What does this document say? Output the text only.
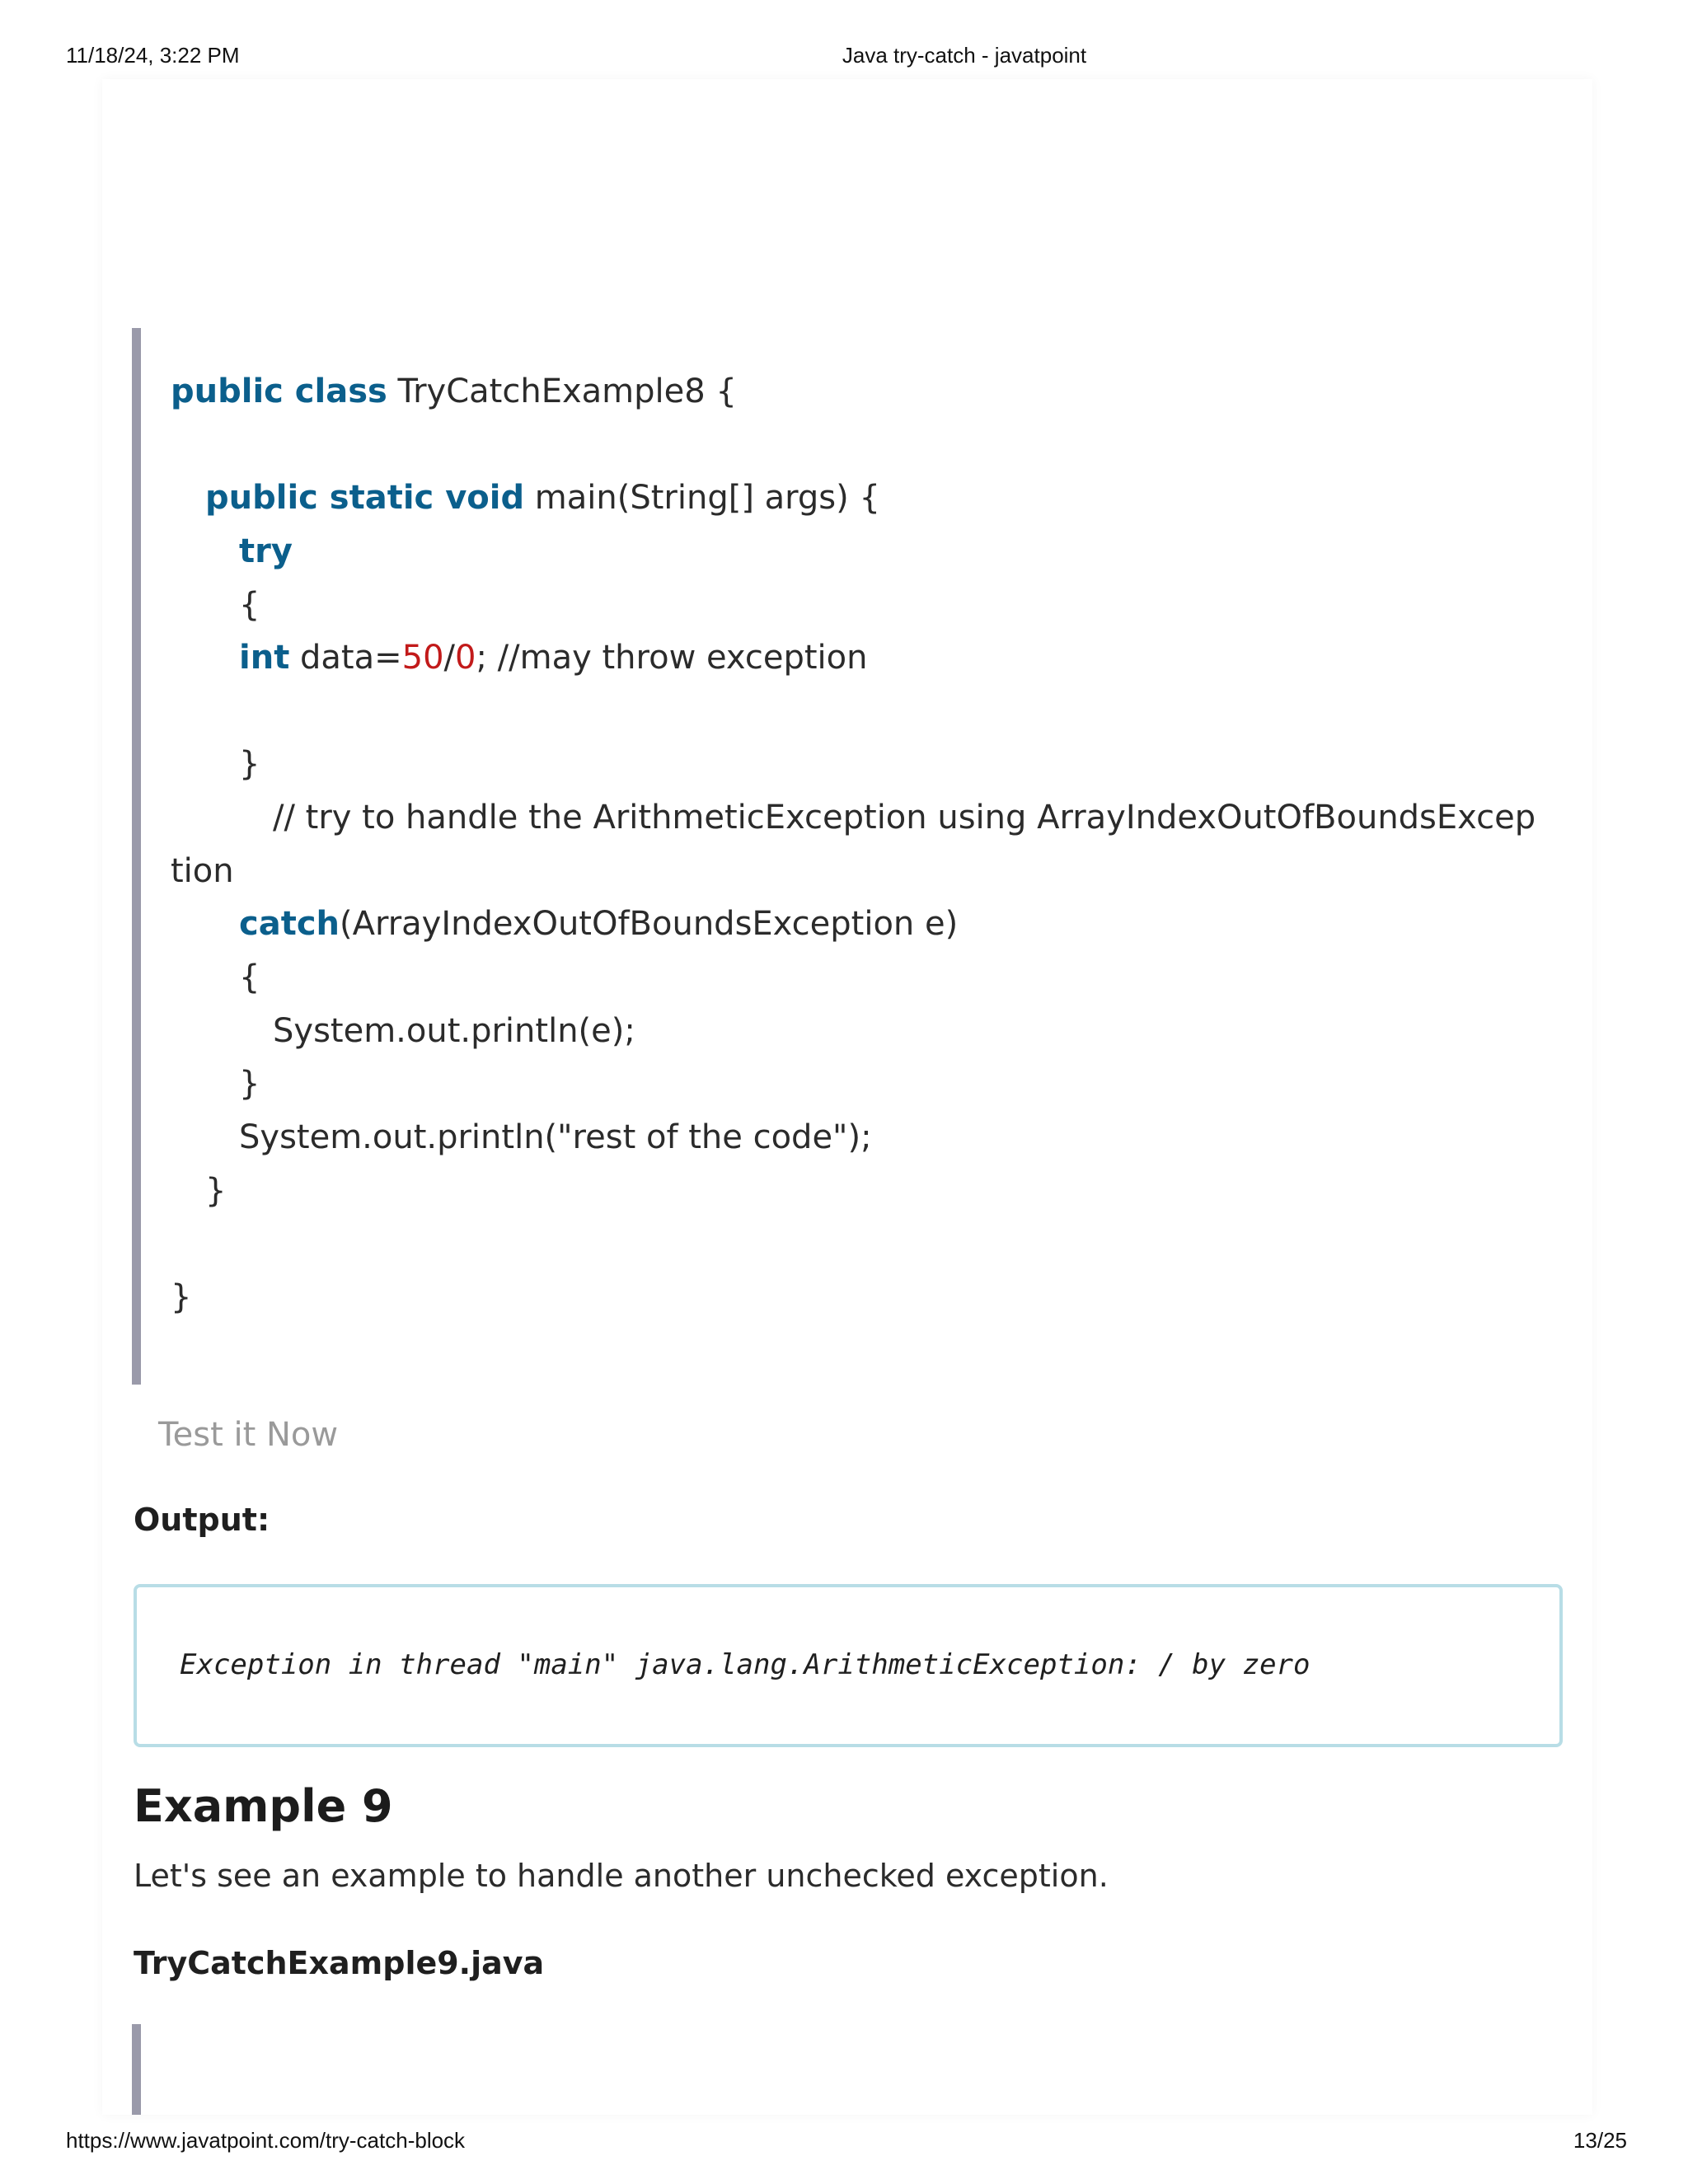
11/18/24, 3:22 PM	Java try-catch - javatpoint
public class TryCatchExample8 {
public static void main(String[] args) {
try
{
int data=50/0; //may throw exception
}
// try to handle the ArithmeticException using ArrayIndexOutOfBoundsExcep
tion
catch(ArrayIndexOutOfBoundsException e)
{
System.out.println(e);
}
System.out.println("rest of the code");
}
}
Test it Now
Output:
Exception in thread "main" java.lang.ArithmeticException: / by zero
Example 9
Let's see an example to handle another unchecked exception.
TryCatchExample9.java
https://www.javatpoint.com/try-catch-block	13/25
